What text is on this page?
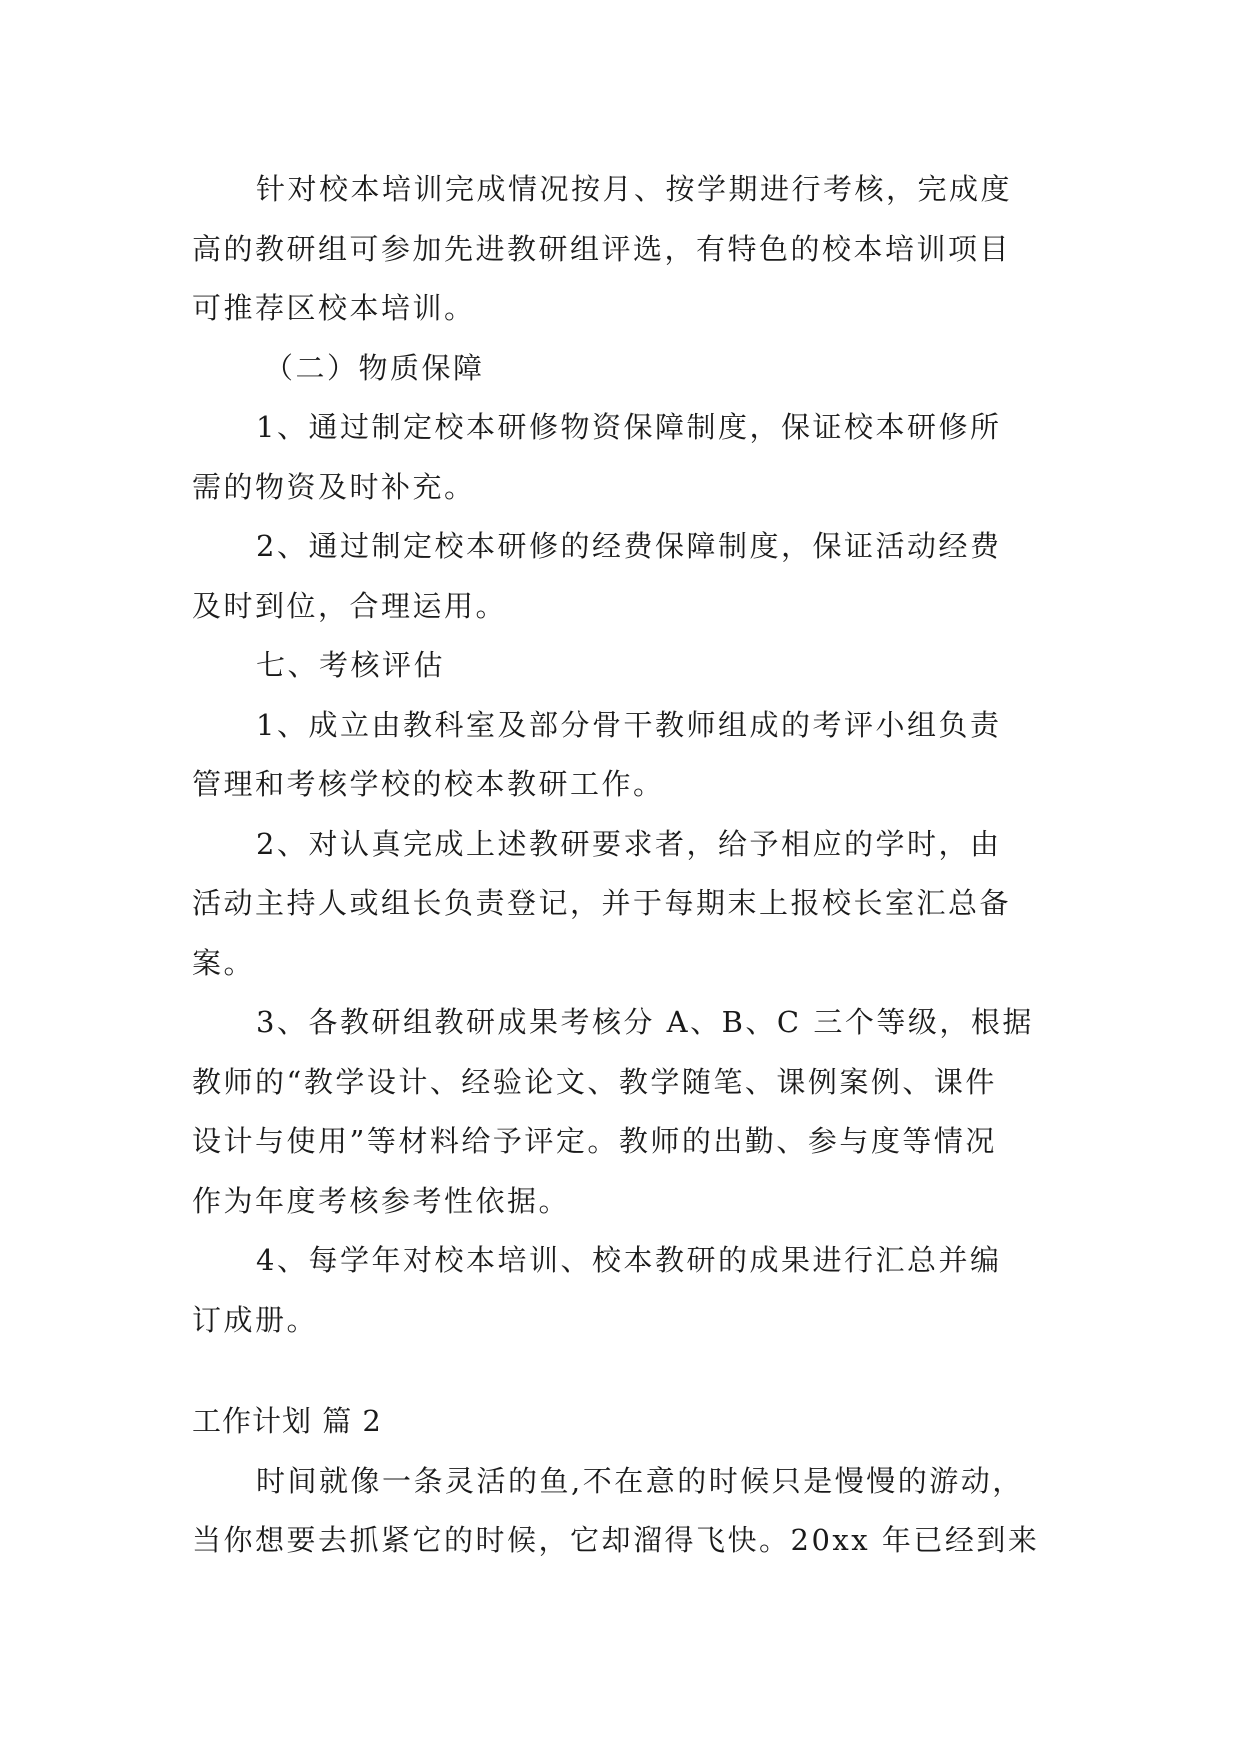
针对校本培训完成情况按月、按学期进行考核，完成度
高的教研组可参加先进教研组评选，有特色的校本培训项目
可推荐区校本培训。
（二）物质保障
1、通过制定校本研修物资保障制度，保证校本研修所
需的物资及时补充。
2、通过制定校本研修的经费保障制度，保证活动经费
及时到位，合理运用。
七、考核评估
1、成立由教科室及部分骨干教师组成的考评小组负责
管理和考核学校的校本教研工作。
2、对认真完成上述教研要求者，给予相应的学时，由
活动主持人或组长负责登记，并于每期末上报校长室汇总备
案。
3、各教研组教研成果考核分 A、B、C 三个等级，根据
教师的“教学设计、经验论文、教学随笔、课例案例、课件
设计与使用”等材料给予评定。教师的出勤、参与度等情况
作为年度考核参考性依据。
4、每学年对校本培训、校本教研的成果进行汇总并编
订成册。
工作计划 篇 2
时间就像一条灵活的鱼,不在意的时候只是慢慢的游动，
当你想要去抓紧它的时候，它却溜得飞快。20xx 年已经到来
